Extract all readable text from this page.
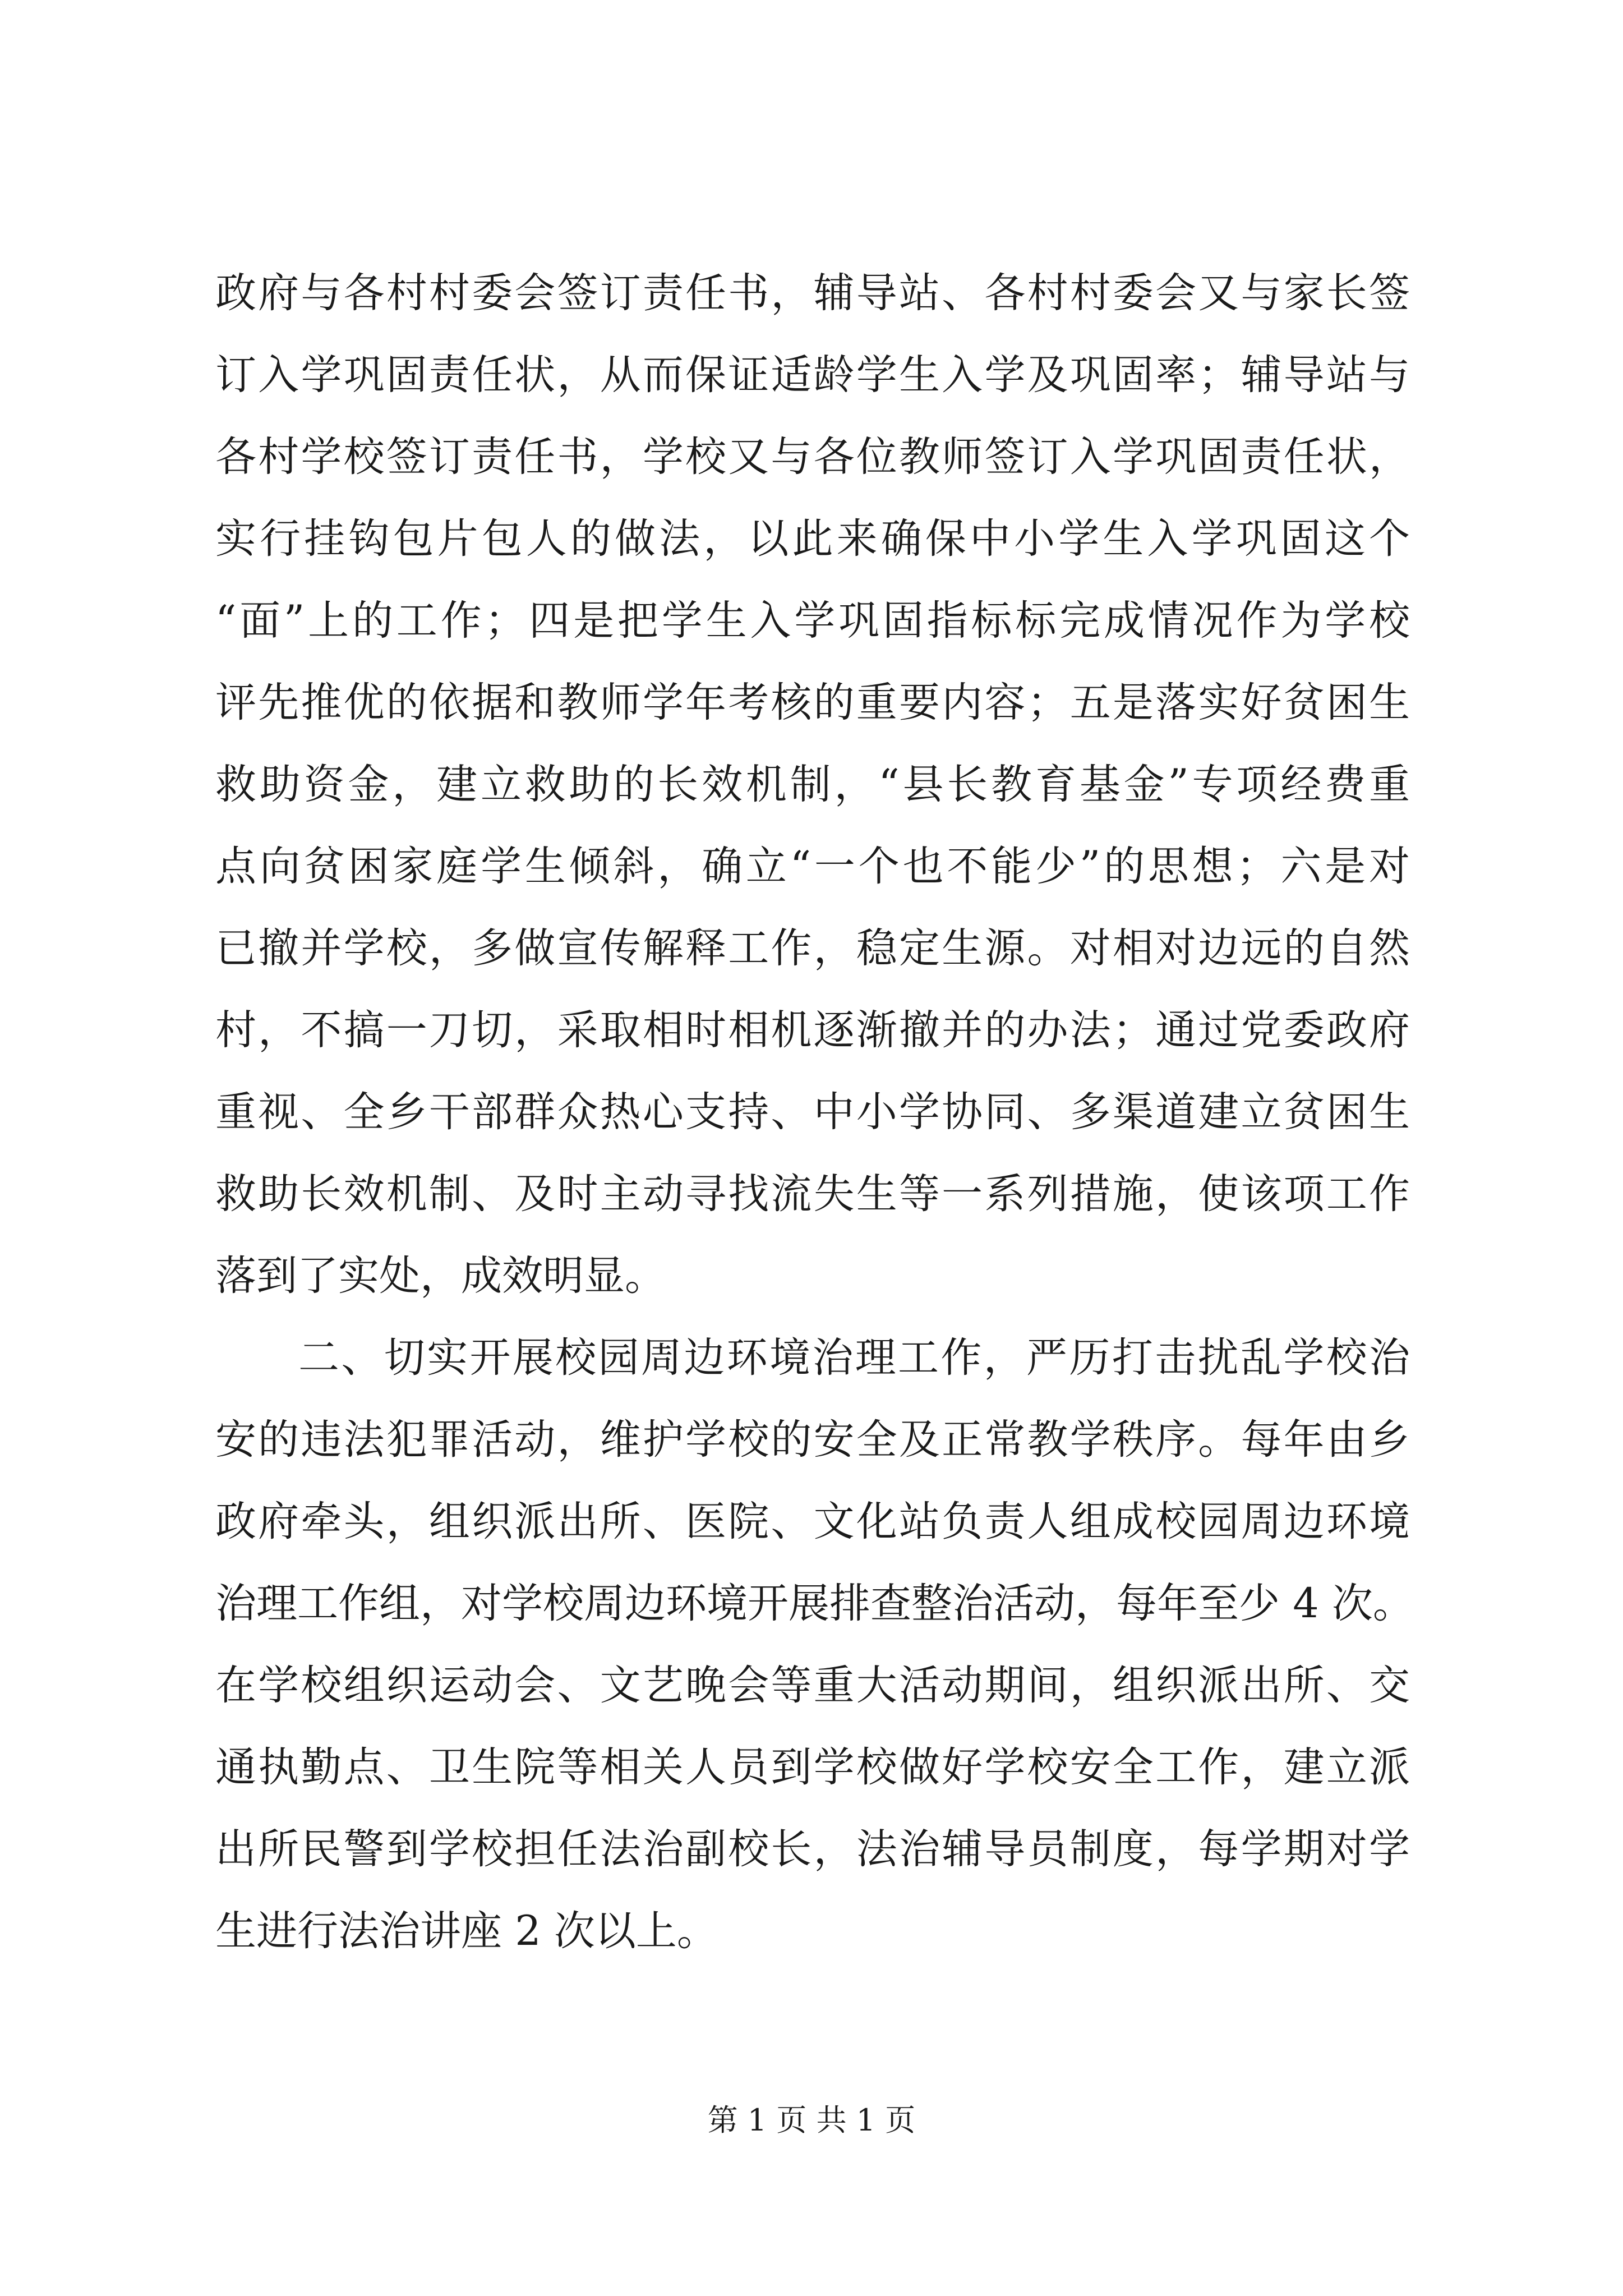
政府与各村村委会签订责任书，辅导站、各村村委会又与家长签
订入学巩固责任状，从而保证适龄学生入学及巩固率；辅导站与
各村学校签订责任书，学校又与各位教师签订入学巩固责任状，
实行挂钩包片包人的做法，以此来确保中小学生入学巩固这个
“面”上的工作；四是把学生入学巩固指标标完成情况作为学校
评先推优的依据和教师学年考核的重要内容；五是落实好贫困生
救助资金，建立救助的长效机制，“县长教育基金”专项经费重
点向贫困家庭学生倾斜，确立“一个也不能少”的思想；六是对
已撤并学校，多做宣传解释工作，稳定生源。对相对边远的自然
村，不搞一刀切，采取相时相机逐渐撤并的办法；通过党委政府
重视、全乡干部群众热心支持、中小学协同、多渠道建立贫困生
救助长效机制、及时主动寻找流失生等一系列措施，使该项工作
落到了实处，成效明显。
二、切实开展校园周边环境治理工作，严历打击扰乱学校治
安的违法犯罪活动，维护学校的安全及正常教学秩序。每年由乡
政府牵头，组织派出所、医院、文化站负责人组成校园周边环境
治理工作组，对学校周边环境开展排查整治活动，每年至少 4 次。
在学校组织运动会、文艺晚会等重大活动期间，组织派出所、交
通执勤点、卫生院等相关人员到学校做好学校安全工作，建立派
出所民警到学校担任法治副校长，法治辅导员制度，每学期对学
生进行法治讲座 2 次以上。
第 1 页 共 1 页
